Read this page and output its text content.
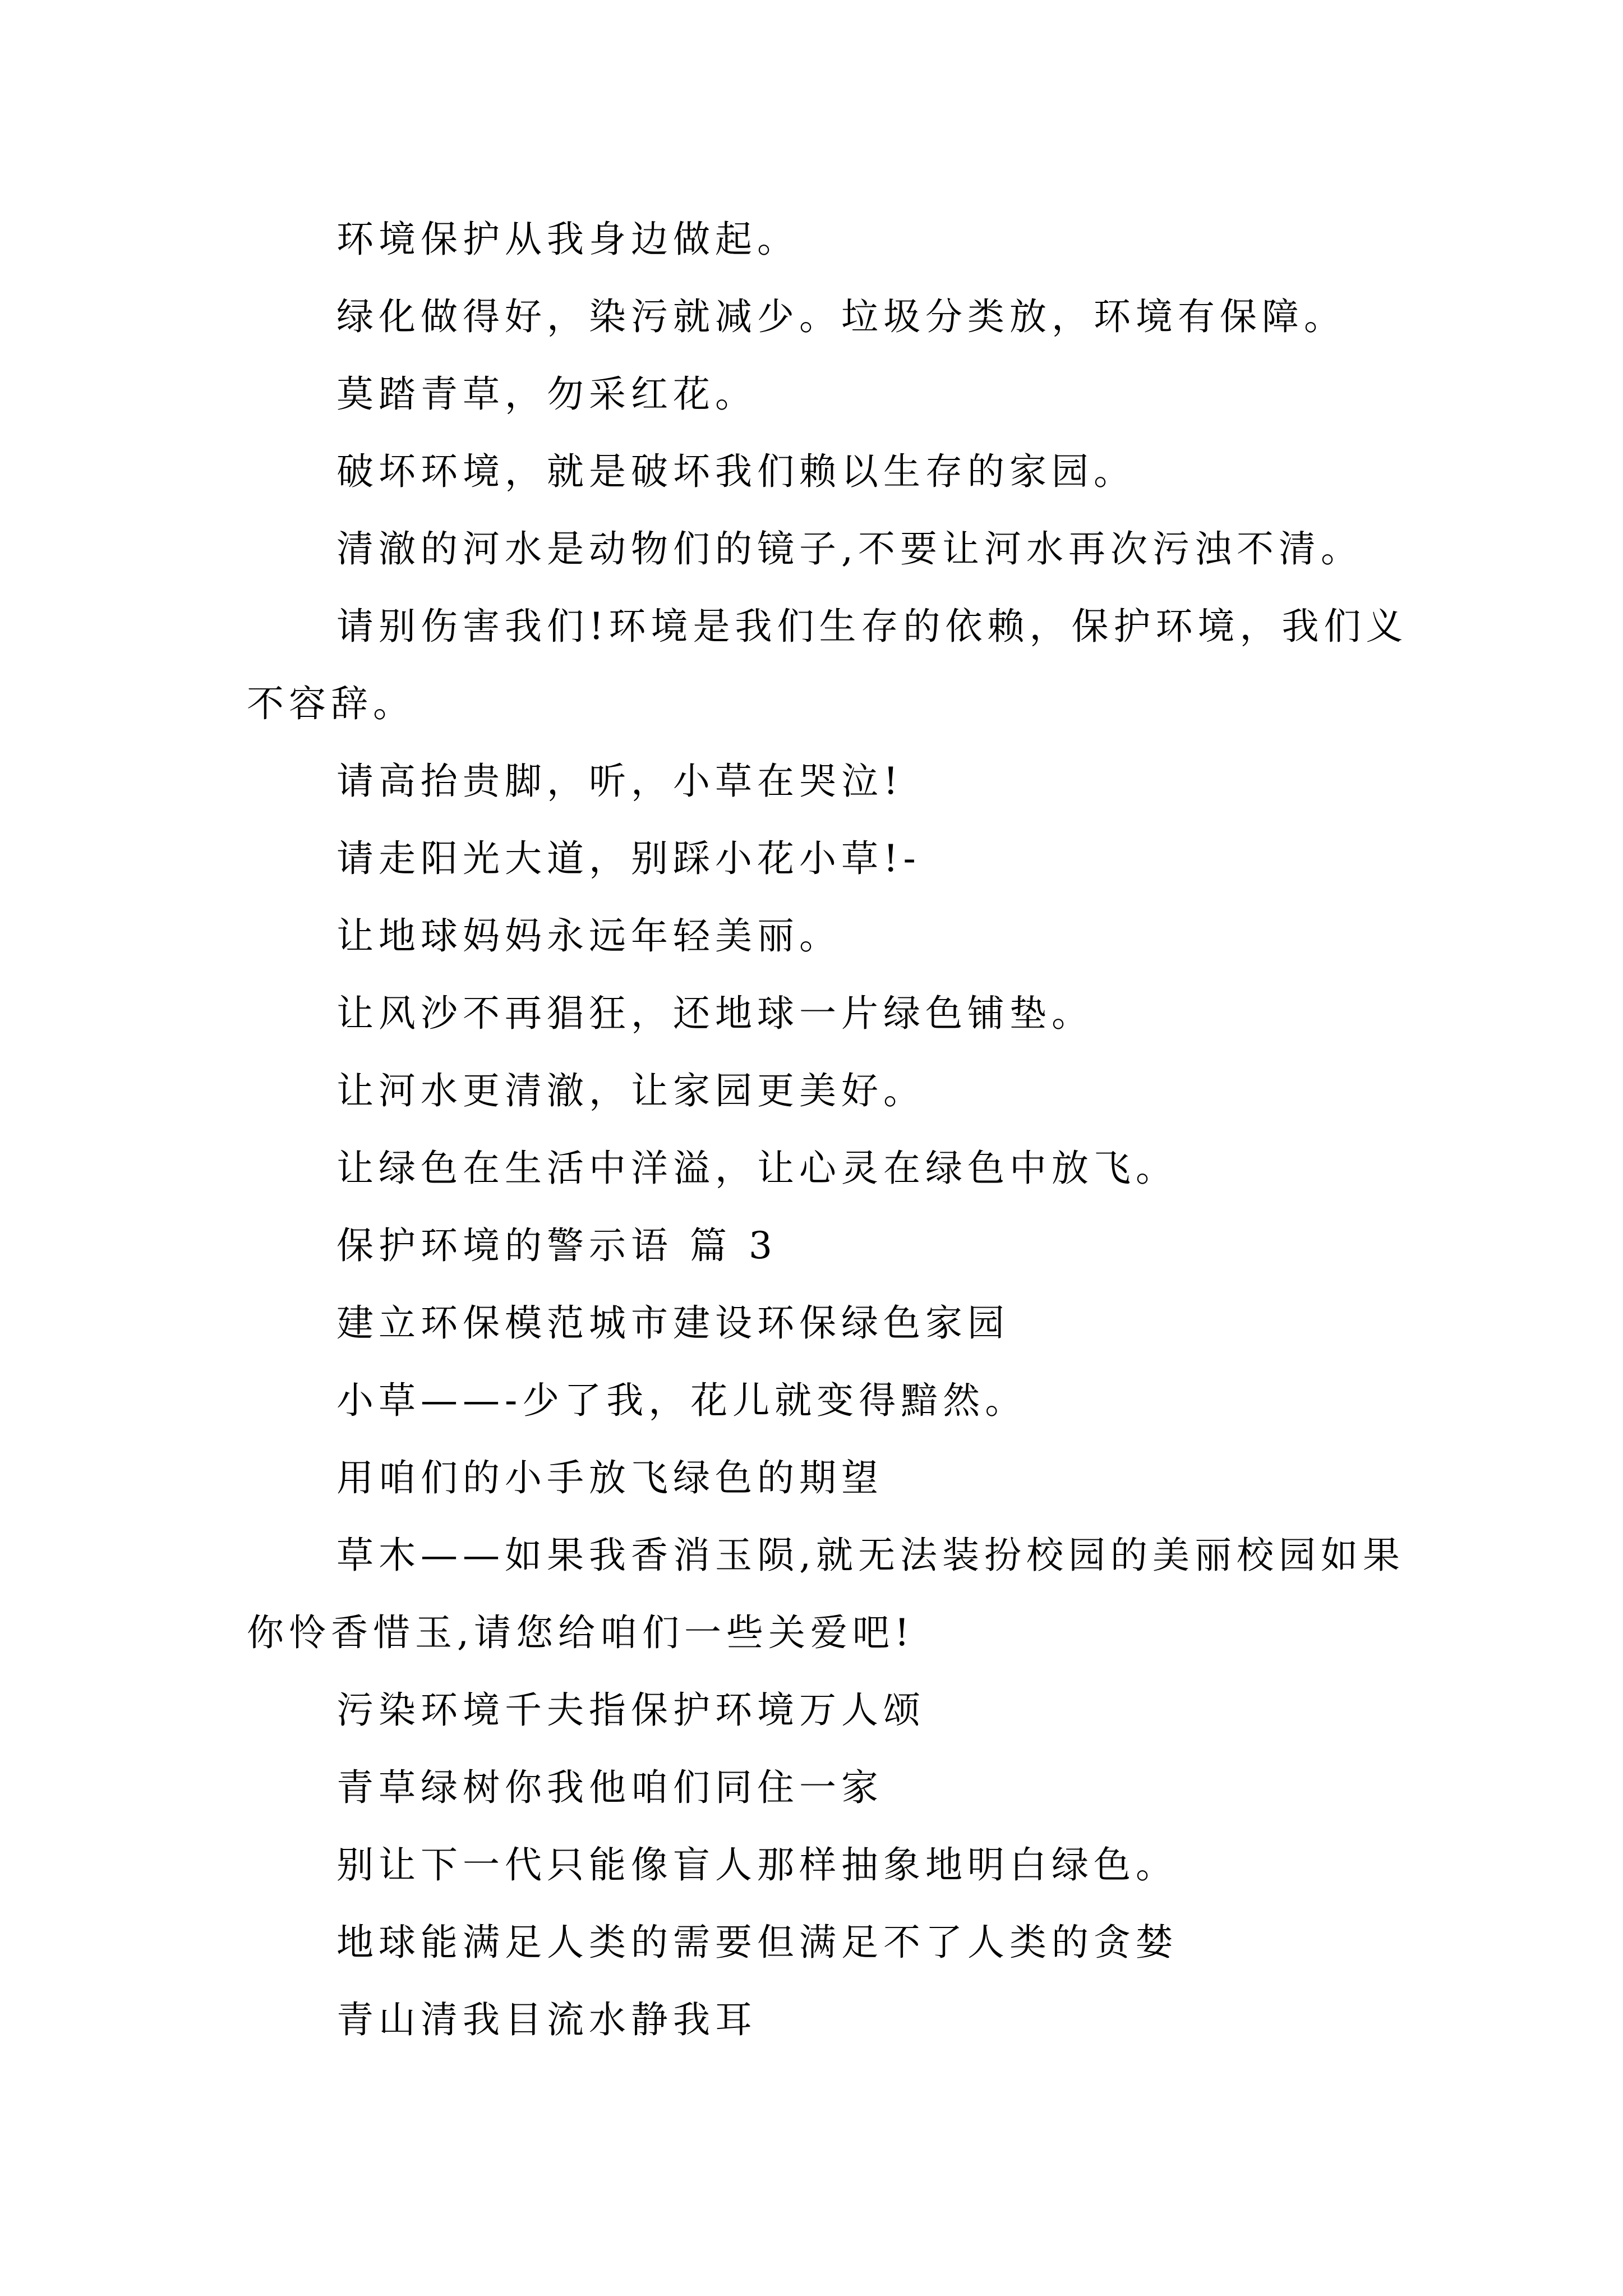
环境保护从我身边做起。

绿化做得好，染污就减少。垃圾分类放，环境有保障。

莫踏青草，勿采红花。

破坏环境，就是破坏我们赖以生存的家园。

清澈的河水是动物们的镜子,不要让河水再次污浊不清。

请别伤害我们!环境是我们生存的依赖，保护环境，我们义不容辞。

请高抬贵脚，听，小草在哭泣!

请走阳光大道，别踩小花小草!-

让地球妈妈永远年轻美丽。

让风沙不再猖狂，还地球一片绿色铺垫。

让河水更清澈，让家园更美好。

让绿色在生活中洋溢，让心灵在绿色中放飞。

保护环境的警示语 篇 3

建立环保模范城市建设环保绿色家园

小草——-少了我，花儿就变得黯然。

用咱们的小手放飞绿色的期望

草木——如果我香消玉陨,就无法装扮校园的美丽校园如果你怜香惜玉,请您给咱们一些关爱吧!

污染环境千夫指保护环境万人颂

青草绿树你我他咱们同住一家

别让下一代只能像盲人那样抽象地明白绿色。

地球能满足人类的需要但满足不了人类的贪婪

青山清我目流水静我耳
